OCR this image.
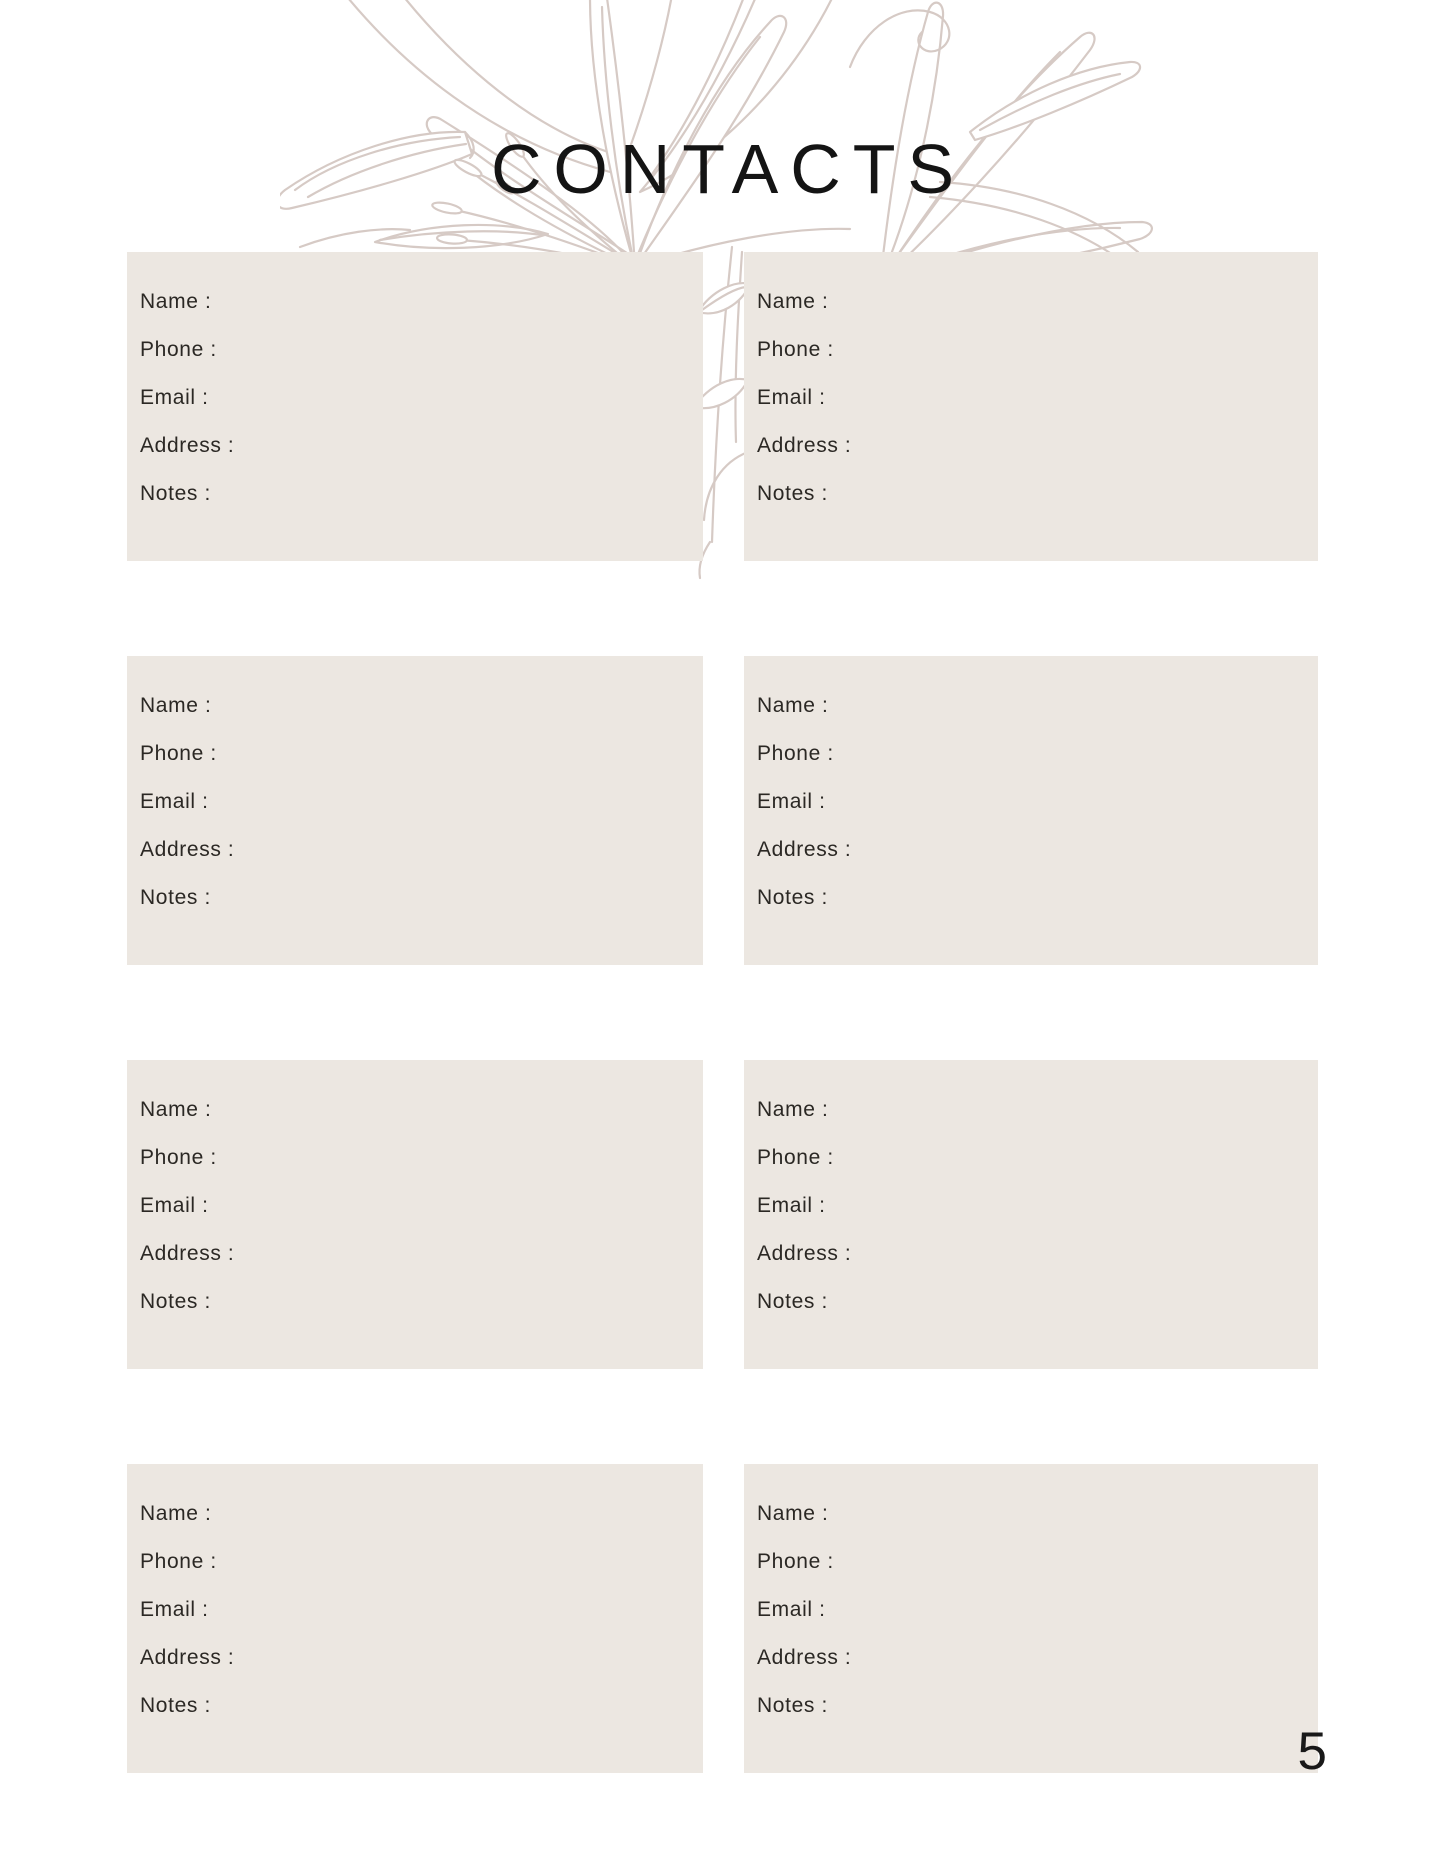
CONTACTS
Name :
Phone :
Email :
Address :
Notes :
Name :
Phone :
Email :
Address :
Notes :
Name :
Phone :
Email :
Address :
Notes :
Name :
Phone :
Email :
Address :
Notes :
Name :
Phone :
Email :
Address :
Notes :
Name :
Phone :
Email :
Address :
Notes :
Name :
Phone :
Email :
Address :
Notes :
Name :
Phone :
Email :
Address :
Notes :
5
